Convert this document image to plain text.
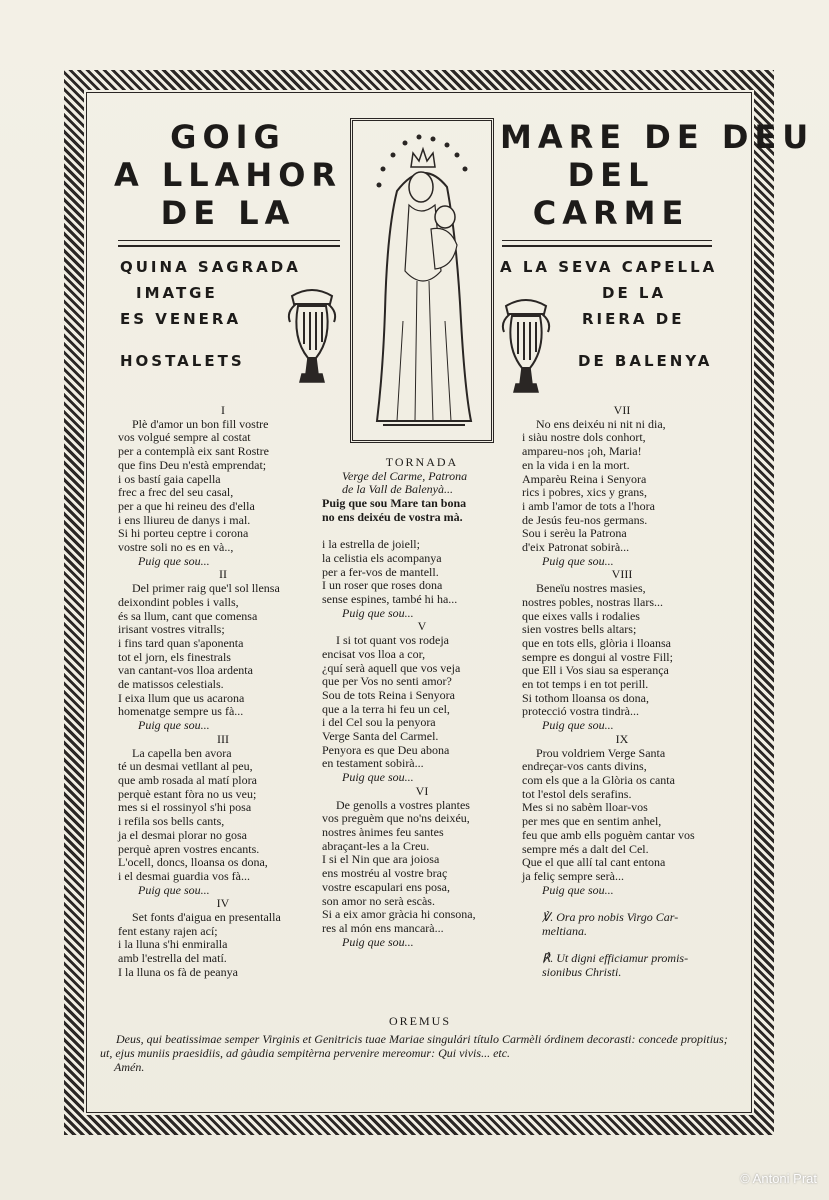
GOIG
A LLAHOR
DE LA
MARE DE DEU
DEL
CARME
QUINA SAGRADA
IMATGE
ES VENERA
HOSTALETS
A LA SEVA CAPELLA
DE LA
RIERA DE
DE BALENYA
I
Plè d'amor un bon fill vostre
vos volgué sempre al costat
per a contemplà eix sant Rostre
que fins Deu n'està emprendat;
i os bastí gaia capella
frec a frec del seu casal,
per a que hi reineu des d'ella
i ens lliureu de danys i mal.
Si hi porteu ceptre i corona
vostre soli no es en và..,
Puig que sou...
II
Del primer raig que'l sol llensa
deixondint pobles i valls,
és sa llum, cant que comensa
irisant vostres vitralls;
i fins tard quan s'aponenta
tot el jorn, els finestrals
van cantant-vos lloa ardenta
de matissos celestials.
I eixa llum que us acarona
homenatge sempre us fà...
Puig que sou...
III
La capella ben avora
té un desmai vetllant al peu,
que amb rosada al matí plora
perquè estant fòra no us veu;
mes si el rossinyol s'hi posa
i refila sos bells cants,
ja el desmai plorar no gosa
perquè apren vostres encants.
L'ocell, doncs, lloansa os dona,
i el desmai guardia vos fà...
Puig que sou...
IV
Set fonts d'aigua en presentalla
fent estany rajen ací;
i la lluna s'hi enmiralla
amb l'estrella del matí.
I la lluna os fà de peanya
TORNADA
Verge del Carme, Patrona
de la Vall de Balenyà...
Puig que sou Mare tan bona
no ens deixéu de vostra mà.

i la estrella de joiell;
la celistia els acompanya
per a fer-vos de mantell.
I un roser que roses dona
sense espines, també hi ha...
Puig que sou...
V
I si tot quant vos rodeja
encisat vos lloa a cor,
¿quí serà aquell que vos veja
que per Vos no senti amor?
Sou de tots Reina i Senyora
que a la terra hi feu un cel,
i del Cel sou la penyora
Verge Santa del Carmel.
Penyora es que Deu abona
en testament sobirà...
Puig que sou...
VI
De genolls a vostres plantes
vos preguèm que no'ns deixéu,
nostres ànimes feu santes
abraçant-les a la Creu.
I si el Nin que ara joiosa
ens mostréu al vostre braç
vostre escapulari ens posa,
son amor no serà escàs.
Si a eix amor gràcia hi consona,
res al món ens mancarà...
Puig que sou...
VII
No ens deixéu ni nit ni dia,
i siàu nostre dols conhort,
ampareu-nos ¡oh, Maria!
en la vida i en la mort.
Amparèu Reina i Senyora
rics i pobres, xics y grans,
i amb l'amor de tots a l'hora
de Jesús feu-nos germans.
Sou i serèu la Patrona
d'eix Patronat sobirà...
Puig que sou...
VIII
Beneïu nostres masies,
nostres pobles, nostras llars...
que eixes valls i rodalies
sien vostres bells altars;
que en tots ells, glòria i lloansa
sempre es dongui al vostre Fill;
que Ell i Vos siau sa esperança
en tot temps i en tot perill.
Si tothom lloansa os dona,
protecció vostra tindrà...
Puig que sou...
IX
Prou voldriem Verge Santa
endreçar-vos cants divins,
com els que a la Glòria os canta
tot l'estol dels serafins.
Mes si no sabèm lloar-vos
per mes que en sentim anhel,
feu que amb ells poguèm cantar vos
sempre més a dalt del Cel.
Que el que allí tal cant entona
ja feliç sempre serà...
Puig que sou...

℣. Ora pro nobis Virgo Car-
meltiana.

℟. Ut digni efficiamur promis-
sionibus Christi.
OREMUS
Deus, qui beatissimae semper Virginis et Genitricis tuae Mariae singulári título Carmèli órdinem decorasti: concede propitius; ut, ejus muniis praesidiis, ad gàudia sempitèrna pervenire mereomur: Qui vivis... etc.
Amén.
© Antoni Prat
